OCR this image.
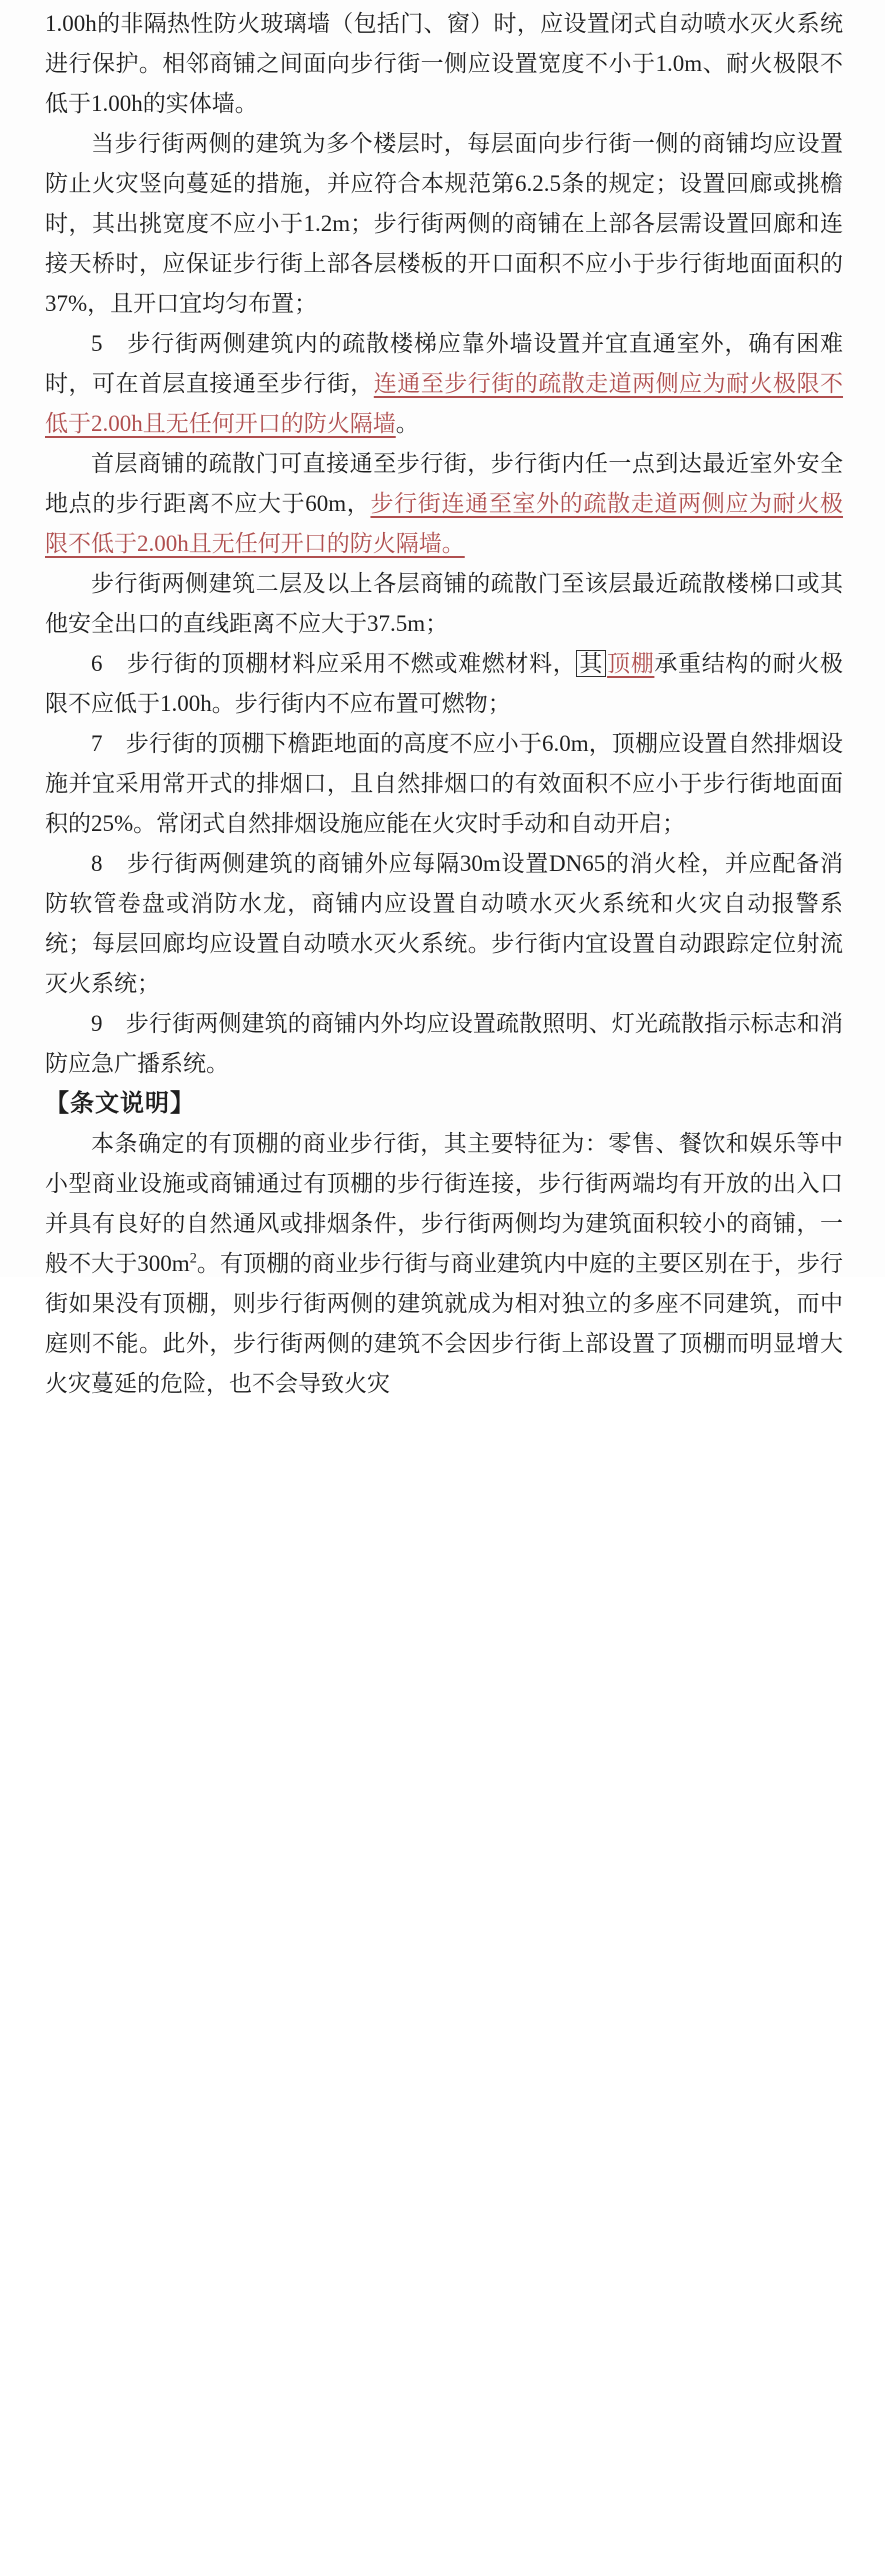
1.00h的非隔热性防火玻璃墙（包括门、窗）时，应设置闭式自动喷水灭火系统进行保护。相邻商铺之间面向步行街一侧应设置宽度不小于1.0m、耐火极限不低于1.00h的实体墙。

当步行街两侧的建筑为多个楼层时，每层面向步行街一侧的商铺均应设置防止火灾竖向蔓延的措施，并应符合本规范第6.2.5条的规定；设置回廊或挑檐时，其出挑宽度不应小于1.2m；步行街两侧的商铺在上部各层需设置回廊和连接天桥时，应保证步行街上部各层楼板的开口面积不应小于步行街地面面积的37%，且开口宜均匀布置；

5　步行街两侧建筑内的疏散楼梯应靠外墙设置并宜直通室外，确有困难时，可在首层直接通至步行街，连通至步行街的疏散走道两侧应为耐火极限不低于2.00h且无任何开口的防火隔墙。

首层商铺的疏散门可直接通至步行街，步行街内任一点到达最近室外安全地点的步行距离不应大于60m，步行街连通至室外的疏散走道两侧应为耐火极限不低于2.00h且无任何开口的防火隔墙。

步行街两侧建筑二层及以上各层商铺的疏散门至该层最近疏散楼梯口或其他安全出口的直线距离不应大于37.5m；

6　步行街的顶棚材料应采用不燃或难燃材料， 其 顶棚承重结构的耐火极限不应低于1.00h。步行街内不应布置可燃物；

7　步行街的顶棚下檐距地面的高度不应小于6.0m，顶棚应设置自然排烟设施并宜采用常开式的排烟口，且自然排烟口的有效面积不应小于步行街地面面积的25%。常闭式自然排烟设施应能在火灾时手动和自动开启；

8　步行街两侧建筑的商铺外应每隔30m设置DN65的消火栓，并应配备消防软管卷盘或消防水龙，商铺内应设置自动喷水灭火系统和火灾自动报警系统；每层回廊均应设置自动喷水灭火系统。步行街内宜设置自动跟踪定位射流灭火系统；

9　步行街两侧建筑的商铺内外均应设置疏散照明、灯光疏散指示标志和消防应急广播系统。

【条文说明】

本条确定的有顶棚的商业步行街，其主要特征为：零售、餐饮和娱乐等中小型商业设施或商铺通过有顶棚的步行街连接，步行街两端均有开放的出入口并具有良好的自然通风或排烟条件，步行街两侧均为建筑面积较小的商铺，一般不大于$300m^2$。有顶棚的商业步行街与商业建筑内中庭的主要区别在于，步行街如果没有顶棚，则步行街两侧的建筑就成为相对独立的多座不同建筑，而中庭则不能。此外，步行街两侧的建筑不会因步行街上部设置了顶棚而明显增大火灾蔓延的危险，也不会导致火灾
